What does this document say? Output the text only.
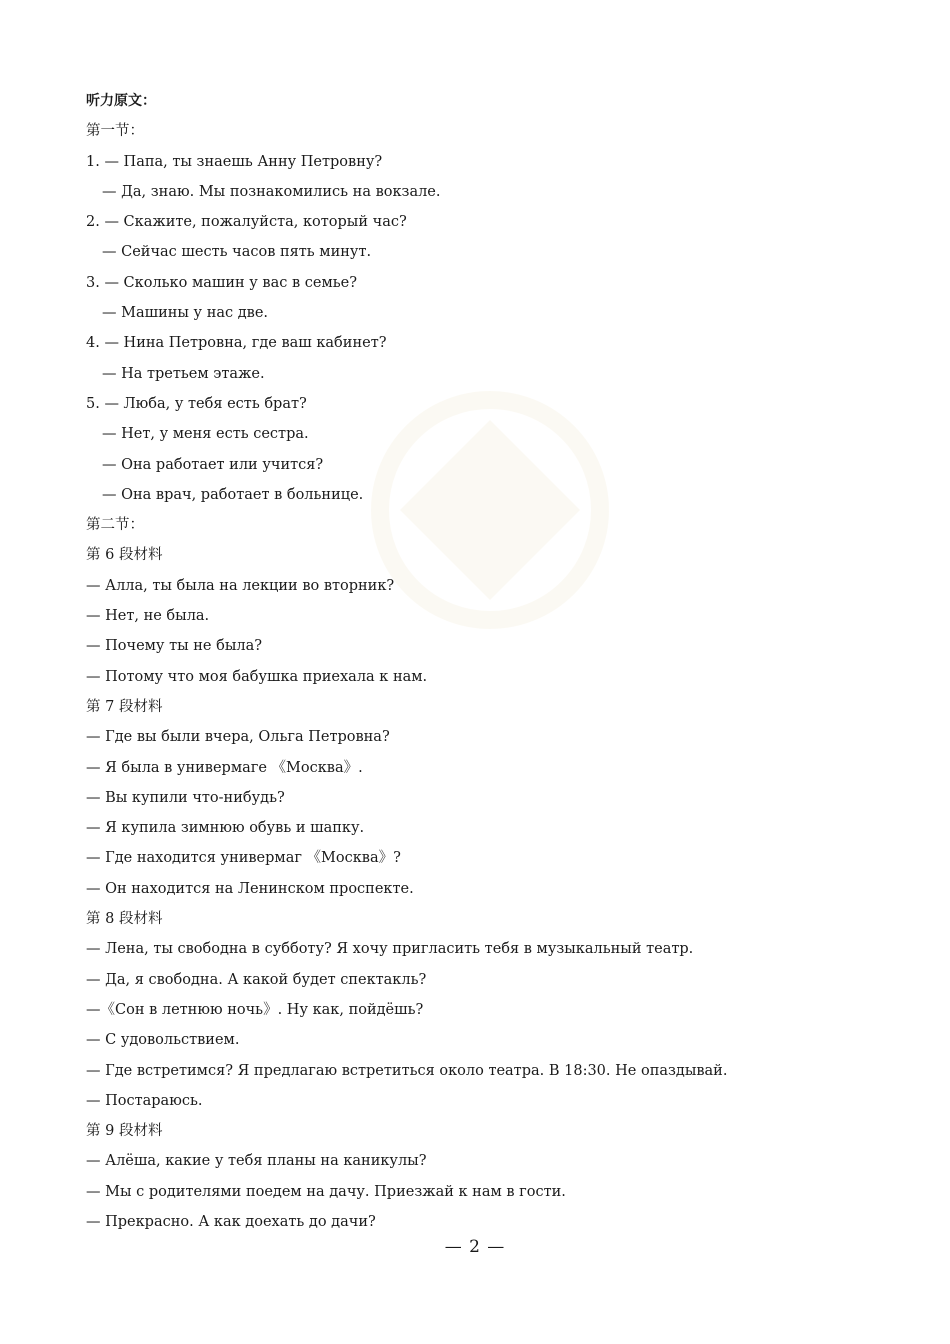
听力原文：
第一节：
1. — Папа, ты знаешь Анну Петровну?
— Да, знаю. Мы познакомились на вокзале.
2. — Скажите, пожалуйста, который час?
— Сейчас шесть часов пять минут.
3. — Сколько машин у вас в семье?
— Машины у нас две.
4. — Нина Петровна, где ваш кабинет?
— На третьем этаже.
5. — Люба, у тебя есть брат?
— Нет, у меня есть сестра.
— Она работает или учится?
— Она врач, работает в больнице.
第二节：
第 6 段材料
— Алла, ты была на лекции во вторник?
— Нет, не была.
— Почему ты не была?
— Потому что моя бабушка приехала к нам.
第 7 段材料
— Где вы были вчера, Ольга Петровна?
— Я была в универмаге 《Москва》.
— Вы купили что-нибудь?
— Я купила зимнюю обувь и шапку.
— Где находится универмаг 《Москва》?
— Он находится на Ленинском проспекте.
第 8 段材料
— Лена, ты свободна в субботу? Я хочу пригласить тебя в музыкальный театр.
— Да, я свободна. А какой будет спектакль?
—《Сон в летнюю ночь》. Ну как, пойдёшь?
— С удовольствием.
— Где встретимся? Я предлагаю встретиться около театра. В 18:30. Не опаздывай.
— Постараюсь.
第 9 段材料
— Алёша, какие у тебя планы на каникулы?
— Мы с родителями поедем на дачу. Приезжай к нам в гости.
— Прекрасно. А как доехать до дачи?
— 2 —
